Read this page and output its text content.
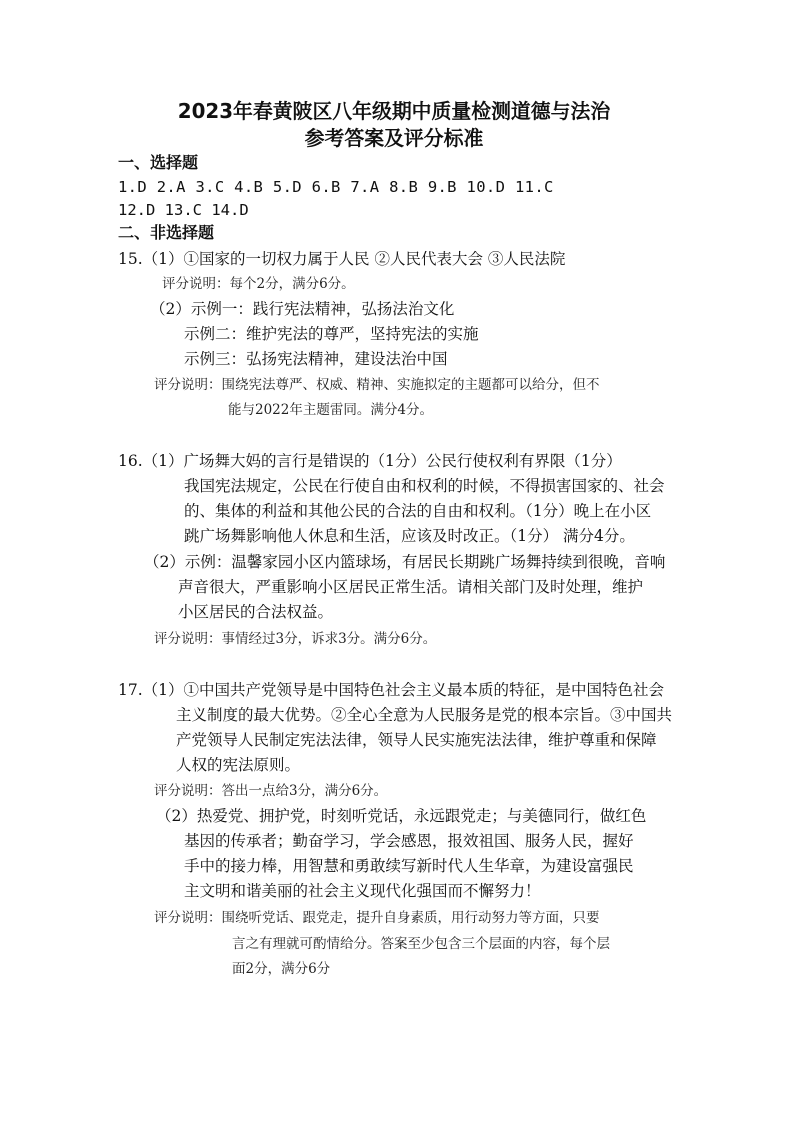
2023年春黄陂区八年级期中质量检测道德与法治
参考答案及评分标准
一、选择题
1.D 2.A 3.C 4.B 5.D 6.B 7.A 8.B 9.B 10.D 11.C
12.D 13.C 14.D
二、非选择题
15.（1）①国家的一切权力属于人民 ②人民代表大会 ③人民法院
评分说明：每个2分，满分6分。
（2）示例一：践行宪法精神，弘扬法治文化
示例二：维护宪法的尊严，坚持宪法的实施
示例三：弘扬宪法精神，建设法治中国
评分说明：围绕宪法尊严、权威、精神、实施拟定的主题都可以给分，但不
能与2022年主题雷同。满分4分。
16.（1）广场舞大妈的言行是错误的（1分）公民行使权利有界限（1分）
我国宪法规定，公民在行使自由和权利的时候，不得损害国家的、社会
的、集体的利益和其他公民的合法的自由和权利。（1分）晚上在小区
跳广场舞影响他人休息和生活，应该及时改正。（1分） 满分4分。
（2）示例：温馨家园小区内篮球场，有居民长期跳广场舞持续到很晚，音响
声音很大，严重影响小区居民正常生活。请相关部门及时处理，维护
小区居民的合法权益。
评分说明：事情经过3分，诉求3分。满分6分。
17.（1）①中国共产党领导是中国特色社会主义最本质的特征，是中国特色社会
主义制度的最大优势。②全心全意为人民服务是党的根本宗旨。③中国共
产党领导人民制定宪法法律，领导人民实施宪法法律，维护尊重和保障
人权的宪法原则。
评分说明：答出一点给3分，满分6分。
（2）热爱党、拥护党，时刻听党话，永远跟党走；与美德同行，做红色
基因的传承者；勤奋学习，学会感恩，报效祖国、服务人民，握好
手中的接力棒，用智慧和勇敢续写新时代人生华章，为建设富强民
主文明和谐美丽的社会主义现代化强国而不懈努力！
评分说明：围绕听党话、跟党走，提升自身素质，用行动努力等方面，只要
言之有理就可酌情给分。答案至少包含三个层面的内容，每个层
面2分，满分6分
